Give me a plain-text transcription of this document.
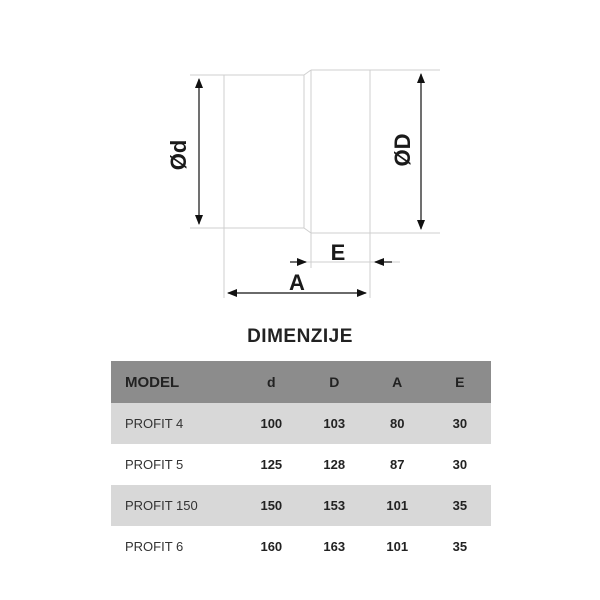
Ød	ØD
A
E
DIMENZIJE
MODEL	d	D	A	E
PROFIT 4	100	103	80	30
PROFIT 5	125	128	87	30
PROFIT 150	150	153	101	35
PROFIT 6	160	163	101	35
